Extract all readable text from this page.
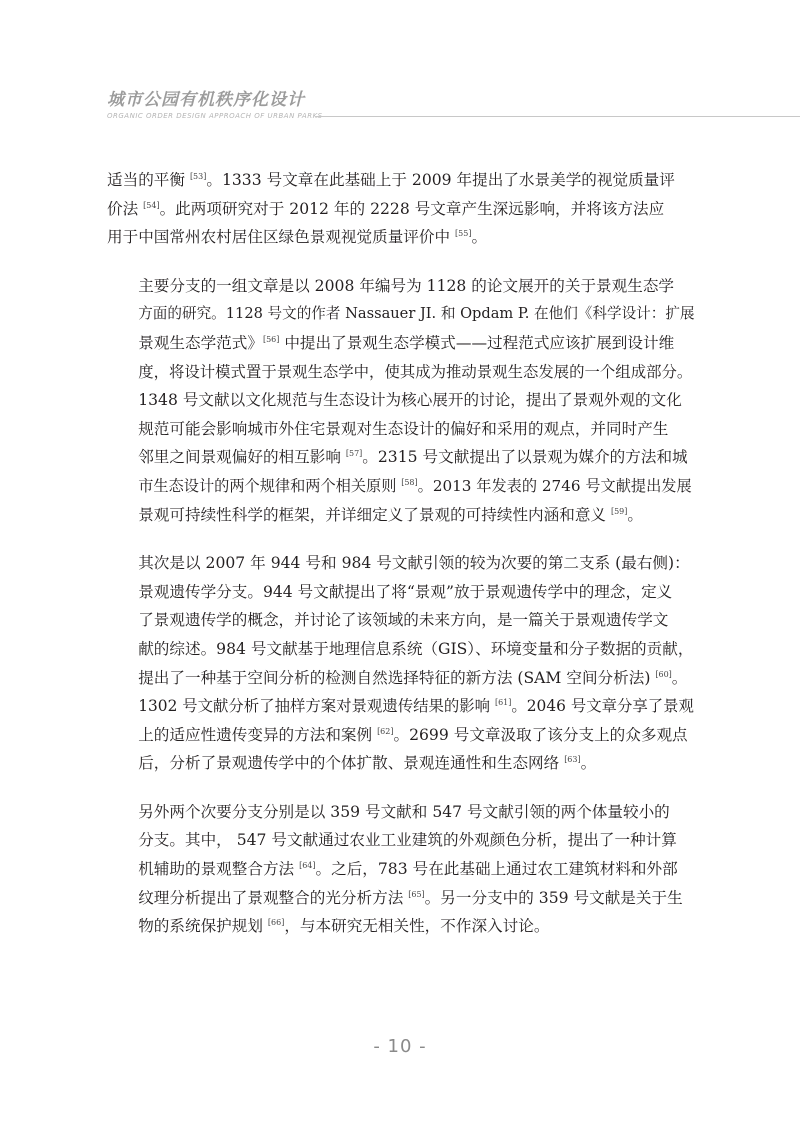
城市公园有机秩序化设计
ORGANIC ORDER DESIGN APPROACH OF URBAN PARKS
适当的平衡 [53]。1333 号文章在此基础上于 2009 年提出了水景美学的视觉质量评
价法 [54]。此两项研究对于 2012 年的 2228 号文章产生深远影响，并将该方法应
用于中国常州农村居住区绿色景观视觉质量评价中 [55]。
主要分支的一组文章是以 2008 年编号为 1128 的论文展开的关于景观生态学
方面的研究。1128 号文的作者 Nassauer JI. 和 Opdam P. 在他们《科学设计：扩展
景观生态学范式》[56] 中提出了景观生态学模式——过程范式应该扩展到设计维
度，将设计模式置于景观生态学中，使其成为推动景观生态发展的一个组成部分。
1348 号文献以文化规范与生态设计为核心展开的讨论，提出了景观外观的文化
规范可能会影响城市外住宅景观对生态设计的偏好和采用的观点，并同时产生
邻里之间景观偏好的相互影响 [57]。2315 号文献提出了以景观为媒介的方法和城
市生态设计的两个规律和两个相关原则 [58]。2013 年发表的 2746 号文献提出发展
景观可持续性科学的框架，并详细定义了景观的可持续性内涵和意义 [59]。
其次是以 2007 年 944 号和 984 号文献引领的较为次要的第二支系 (最右侧)：
景观遗传学分支。944 号文献提出了将“景观”放于景观遗传学中的理念，定义
了景观遗传学的概念，并讨论了该领域的未来方向，是一篇关于景观遗传学文
献的综述。984 号文献基于地理信息系统（GIS）、环境变量和分子数据的贡献，
提出了一种基于空间分析的检测自然选择特征的新方法 (SAM 空间分析法) [60]。
1302 号文献分析了抽样方案对景观遗传结果的影响 [61]。2046 号文章分享了景观
上的适应性遗传变异的方法和案例 [62]。2699 号文章汲取了该分支上的众多观点
后，分析了景观遗传学中的个体扩散、景观连通性和生态网络 [63]。
另外两个次要分支分别是以 359 号文献和 547 号文献引领的两个体量较小的
分支。其中， 547 号文献通过农业工业建筑的外观颜色分析，提出了一种计算
机辅助的景观整合方法 [64]。之后，783 号在此基础上通过农工建筑材料和外部
纹理分析提出了景观整合的光分析方法 [65]。另一分支中的 359 号文献是关于生
物的系统保护规划 [66]，与本研究无相关性，不作深入讨论。
- 10 -
